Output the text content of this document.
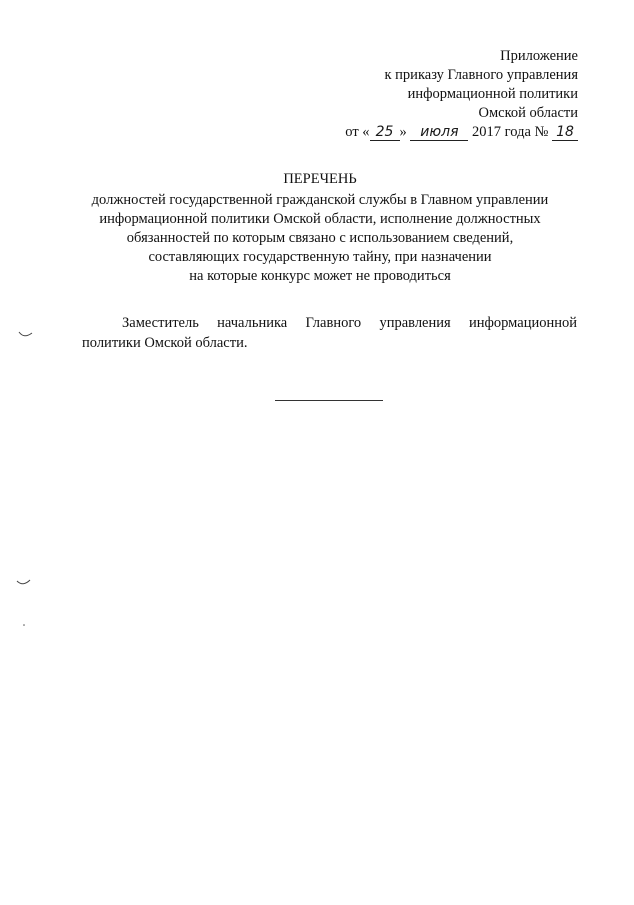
Приложение
к приказу Главного управления
информационной политики
Омской области
от « 25 » июля 2017 года № 18
ПЕРЕЧЕНЬ
должностей государственной гражданской службы в Главном управлении
информационной политики Омской области, исполнение должностных
обязанностей по которым связано с использованием сведений,
составляющих государственную тайну, при назначении
на которые конкурс может не проводиться
Заместитель начальника Главного управления информационной политики Омской области.
